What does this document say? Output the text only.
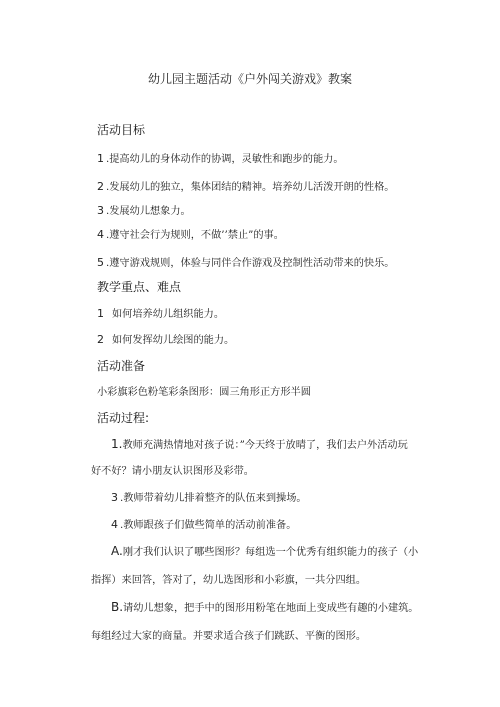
幼儿园主题活动《户外闯关游戏》教案
活动目标
1 .提高幼儿的身体动作的协调，灵敏性和跑步的能力。
2 .发展幼儿的独立，集体团结的精神。培养幼儿活泼开朗的性格。
3 .发展幼儿想象力。
4 .遵守社会行为规则，不做’’禁止”的事。
5 .遵守游戏规则，体验与同伴合作游戏及控制性活动带来的快乐。
教学重点、难点
1 如何培养幼儿组织能力。
2 如何发挥幼儿绘图的能力。
活动准备
小彩旗彩色粉笔彩条图形：圆三角形正方形半圆
活动过程:
1.教师充满热情地对孩子说：”今天终于放晴了，我们去户外活动玩
好不好？请小朋友认识图形及彩带。
3 .教师带着幼儿排着整齐的队伍来到操场。
4 .教师跟孩子们做些简单的活动前准备。
A.刚才我们认识了哪些图形？每组选一个优秀有组织能力的孩子（小
指挥）来回答，答对了，幼儿选图形和小彩旗，一共分四组。
B.请幼儿想象，把手中的图形用粉笔在地面上变成些有趣的小建筑。
每组经过大家的商量。并要求适合孩子们跳跃、平衡的图形。
